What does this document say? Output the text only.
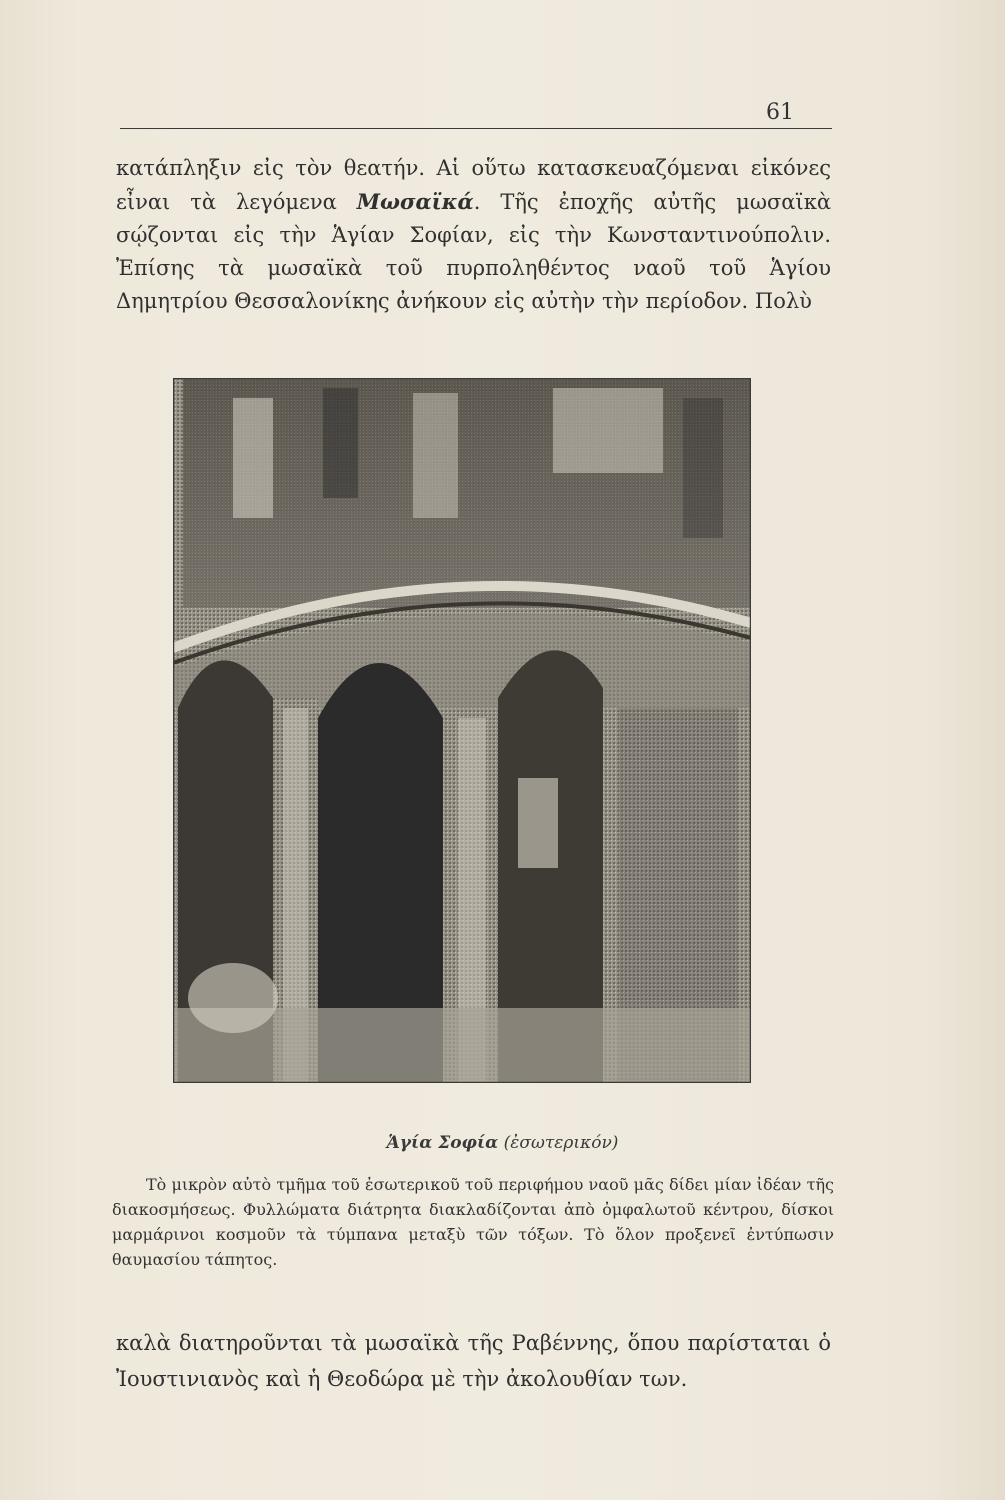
61

κατάπληξιν εἰς τὸν θεατήν. Αἱ οὕτω κατασκευαζόμεναι εἰκόνες εἶναι τὰ λεγόμενα Μωσαϊκά. Τῆς ἐποχῆς αὐτῆς μωσαϊκὰ σῴζονται εἰς τὴν Ἁγίαν Σοφίαν, εἰς τὴν Κωνσταντινούπολιν. Ἐπίσης τὰ μωσαϊκὰ τοῦ πυρποληθέντος ναοῦ τοῦ Ἁγίου Δημητρίου Θεσσαλονίκης ἀνήκουν εἰς αὐτὴν τὴν περίοδον. Πολὺ

Ἁγία Σοφία (ἐσωτερικόν)

Τὸ μικρὸν αὐτὸ τμῆμα τοῦ ἐσωτερικοῦ τοῦ περιφήμου ναοῦ μᾶς δίδει μίαν ἰδέαν τῆς διακοσμήσεως. Φυλλώματα διάτρητα διακλαδίζονται ἀπὸ ὀμφαλωτοῦ κέντρου, δίσκοι μαρμάρινοι κοσμοῦν τὰ τύμπανα μεταξὺ τῶν τόξων. Τὸ ὅλον προξενεῖ ἐντύπωσιν θαυμασίου τάπητος.

καλὰ διατηροῦνται τὰ μωσαϊκὰ τῆς Ραβέννης, ὅπου παρίσταται ὁ Ἰουστινιανὸς καὶ ἡ Θεοδώρα μὲ τὴν ἀκολουθίαν των.
